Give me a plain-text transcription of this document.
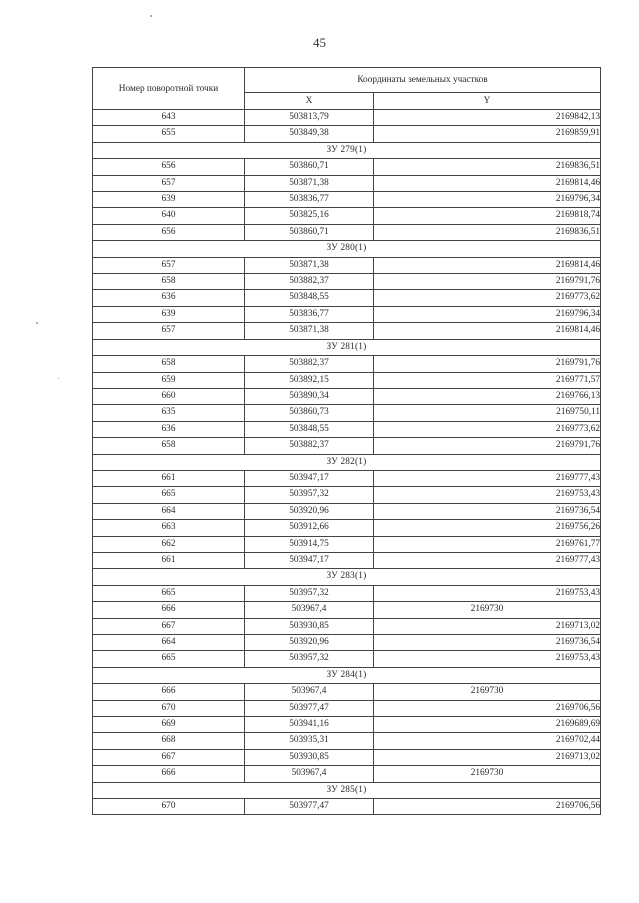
45
Номер поворотной точки	Координаты земельных участков	
	X	Y
643	503813,79	2169842,13
655	503849,38	2169859,91
ЗУ 279(1)		
656	503860,71	2169836,51
657	503871,38	2169814,46
639	503836,77	2169796,34
640	503825,16	2169818,74
656	503860,71	2169836,51
ЗУ 280(1)		
657	503871,38	2169814,46
658	503882,37	2169791,76
636	503848,55	2169773,62
639	503836,77	2169796,34
657	503871,38	2169814,46
ЗУ 281(1)		
658	503882,37	2169791,76
659	503892,15	2169771,57
660	503890,34	2169766,13
635	503860,73	2169750,11
636	503848,55	2169773,62
658	503882,37	2169791,76
ЗУ 282(1)		
661	503947,17	2169777,43
665	503957,32	2169753,43
664	503920,96	2169736,54
663	503912,66	2169756,26
662	503914,75	2169761,77
661	503947,17	2169777,43
ЗУ 283(1)		
665	503957,32	2169753,43
666	503967,4	2169730
667	503930,85	2169713,02
664	503920,96	2169736,54
665	503957,32	2169753,43
ЗУ 284(1)		
666	503967,4	2169730
670	503977,47	2169706,56
669	503941,16	2169689,69
668	503935,31	2169702,44
667	503930,85	2169713,02
666	503967,4	2169730
ЗУ 285(1)		
670	503977,47	2169706,56
